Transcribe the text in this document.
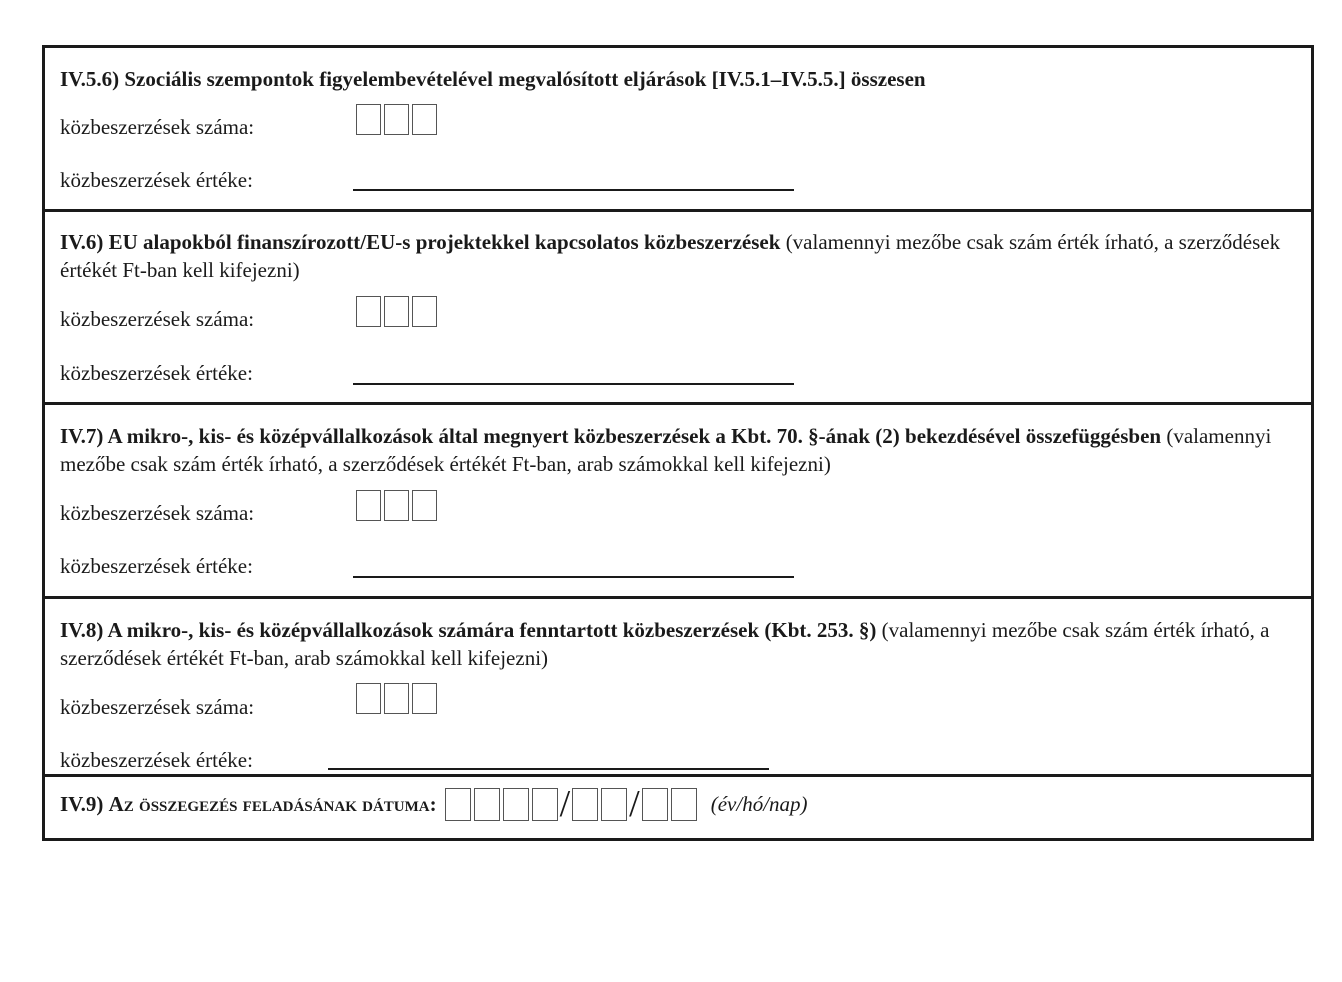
IV.5.6) Szociális szempontok figyelembevételével megvalósított eljárások [IV.5.1–IV.5.5.] összesen
közbeszerzések száma:
közbeszerzések értéke:
IV.6) EU alapokból finanszírozott/EU-s projektekkel kapcsolatos közbeszerzések (valamennyi mezőbe csak szám érték írható, a szerződések értékét Ft-ban kell kifejezni)
közbeszerzések száma:
közbeszerzések értéke:
IV.7) A mikro-, kis- és középvállalkozások által megnyert közbeszerzések a Kbt. 70. §-ának (2) bekezdésével összefüggésben (valamennyi mezőbe csak szám érték írható, a szerződések értékét Ft-ban, arab számokkal kell kifejezni)
közbeszerzések száma:
közbeszerzések értéke:
IV.8) A mikro-, kis- és középvállalkozások számára fenntartott közbeszerzések (Kbt. 253. §) (valamennyi mezőbe csak szám érték írható, a szerződések értékét Ft-ban, arab számokkal kell kifejezni)
közbeszerzések száma:
közbeszerzések értéke:
IV.9) Az összegezés feladásának dátuma:	/ /	(év/hó/nap)
